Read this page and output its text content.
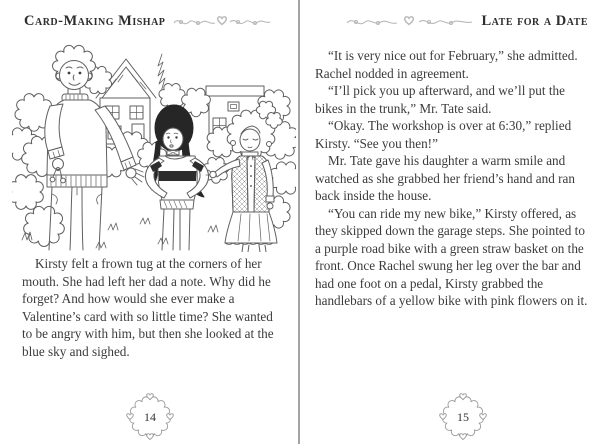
Card-Making Mishap

Kirsty felt a frown tug at the corners of her mouth. She had left her dad a note. Why did he forget? And how would she ever make a Valentine’s card with so little time? She wanted to be angry with him, but then she looked at the blue sky and sighed.

14
Late for a Date

“It is very nice out for February,” she admitted. Rachel nodded in agreement.

“I’ll pick you up afterward, and we’ll put the bikes in the trunk,” Mr. Tate said.

“Okay. The workshop is over at 6:30,” replied Kirsty. “See you then!”

Mr. Tate gave his daughter a warm smile and watched as she grabbed her friend’s hand and ran back inside the house.

“You can ride my new bike,” Kirsty offered, as they skipped down the garage steps. She pointed to a purple road bike with a green straw basket on the front. Once Rachel swung her leg over the bar and had one foot on a pedal, Kirsty grabbed the handlebars of a yellow bike with pink flowers on it.

15
